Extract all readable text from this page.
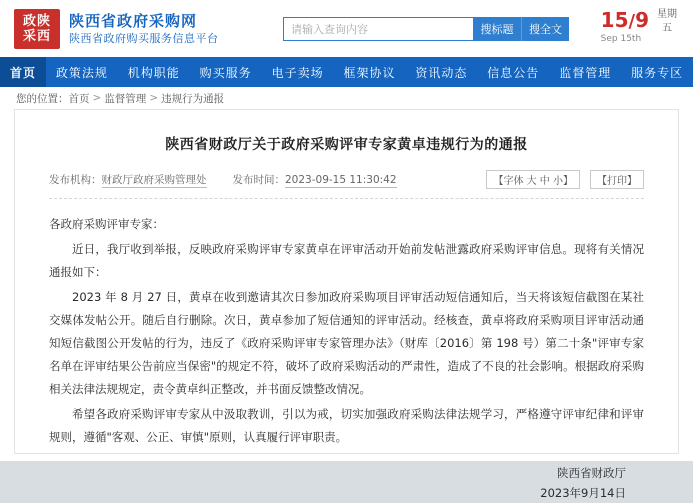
政陕
采西
陕西省政府采购网
陕西省政府购买服务信息平台
请输入查询内容
搜标题	搜全文	15/9
Sep 15th
星期
五
首页	政策法规	机构职能	购买服务	电子卖场	框架协议	资讯动态	信息公告	监督管理	服务专区
您的位置： 首页 > 监督管理 > 违规行为通报
陕西省财政厅关于政府采购评审专家黄卓违规行为的通报
发布机构：财政厅政府采购管理处 发布时间：2023-09-15 11:30:42	【字体 大 中 小】	【打印】

各政府采购评审专家：

近日，我厅收到举报，反映政府采购评审专家黄卓在评审活动开始前发帖泄露政府采购评审信息。现将有关情况通报如下：

2023 年 8 月 27 日，黄卓在收到邀请其次日参加政府采购项目评审活动短信通知后，当天将该短信截图在某社交媒体发帖公开。随后自行删除。次日，黄卓参加了短信通知的评审活动。经核查，黄卓将政府采购项目评审活动通知短信截图公开发帖的行为，违反了《政府采购评审专家管理办法》（财库〔2016〕第 198 号）第二十条"评审专家名单在评审结果公告前应当保密"的规定不符，破坏了政府采购活动的严肃性，造成了不良的社会影响。根据政府采购相关法律法规规定，责令黄卓纠正整改，并书面反馈整改情况。

希望各政府采购评审专家从中汲取教训，引以为戒，切实加强政府采购法律法规学习，严格遵守评审纪律和评审规则，遵循"客观、公正、审慎"原则，认真履行评审职责。

陕西省财政厅
2023年9月14日
